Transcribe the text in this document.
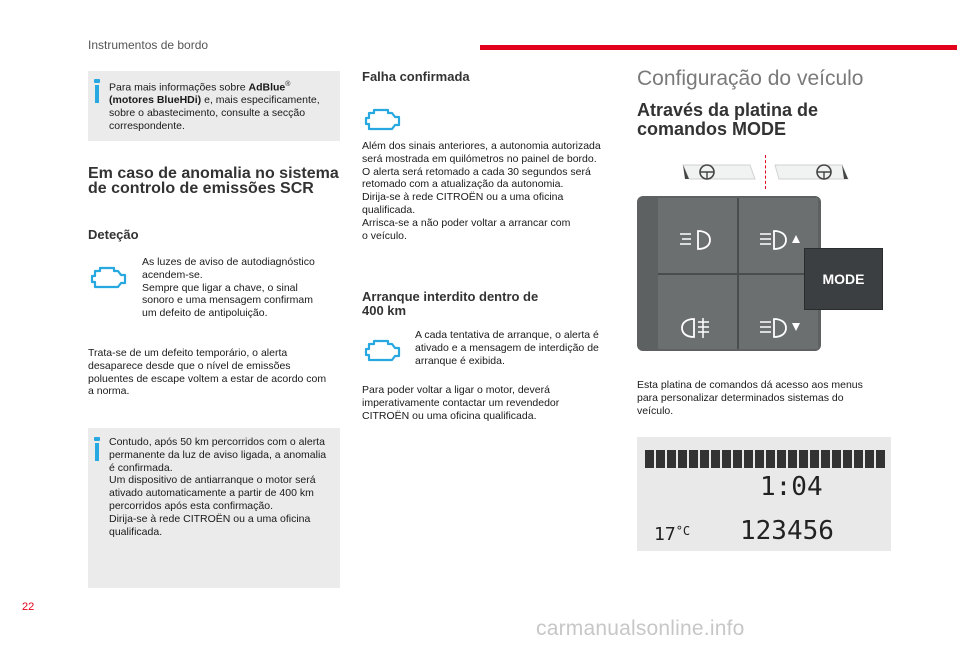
Instrumentos de bordo
Para mais informações sobre AdBlue®
(motores BlueHDi) e, mais especificamente,
sobre o abastecimento, consulte a secção
correspondente.
Em caso de anomalia no sistema
de controlo de emissões SCR
Deteção
As luzes de aviso de autodiagnóstico
acendem-se.
Sempre que ligar a chave, o sinal
sonoro e uma mensagem confirmam
um defeito de antipoluição.
Trata-se de um defeito temporário, o alerta
desaparece desde que o nível de emissões
poluentes de escape voltem a estar de acordo com
a norma.
Contudo, após 50 km percorridos com o alerta
permanente da luz de aviso ligada, a anomalia
é confirmada.
Um dispositivo de antiarranque o motor será
ativado automaticamente a partir de 400 km
percorridos após esta confirmação.
Dirija-se à rede CITROËN ou a uma oficina
qualificada.
Falha confirmada
Além dos sinais anteriores, a autonomia autorizada
será mostrada em quilómetros no painel de bordo.
O alerta será retomado a cada 30 segundos será
retomado com a atualização da autonomia.
Dirija-se à rede CITROËN ou a uma oficina
qualificada.
Arrisca-se a não poder voltar a arrancar com
o veículo.
Arranque interdito dentro de
400 km
A cada tentativa de arranque, o alerta é
ativado e a mensagem de interdição de
arranque é exibida.
Para poder voltar a ligar o motor, deverá
imperativamente contactar um revendedor
CITROËN ou uma oficina qualificada.
Configuração do veículo
Através da platina de
comandos MODE
MODE
Esta platina de comandos dá acesso aos menus
para personalizar determinados sistemas do
veículo.
1:04
$17^{^\circ C}$ 123456
22
carmanualsonline.info
